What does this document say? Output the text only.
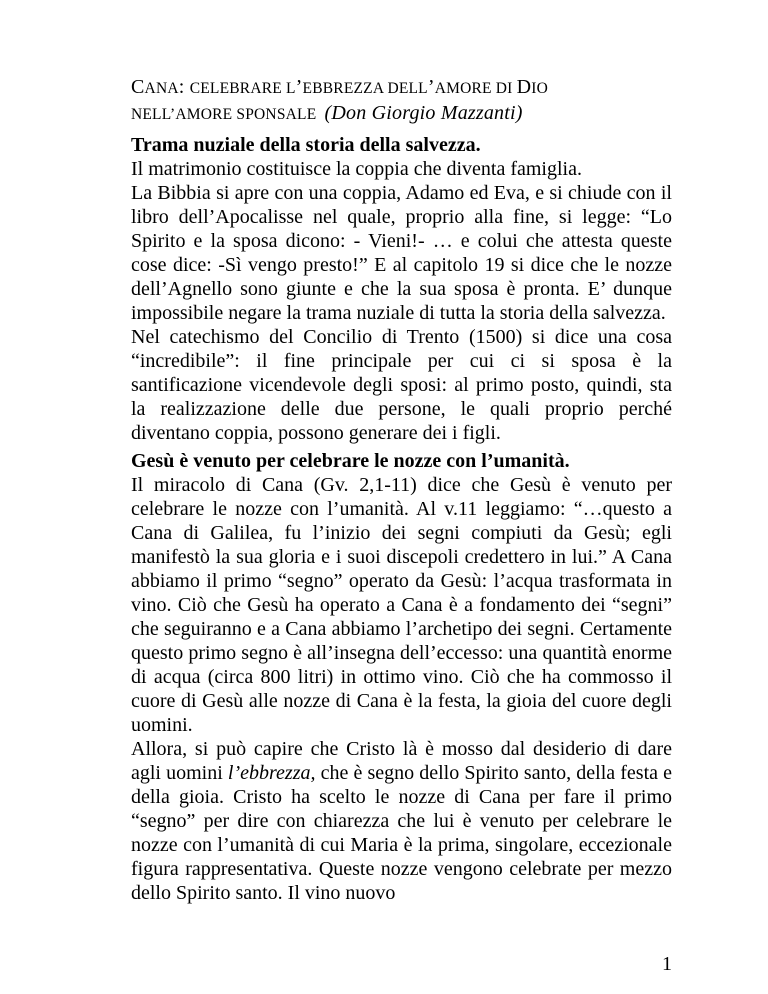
CANA: CELEBRARE L’EBBREZZA DELL’AMORE DI DIO
NELL’AMORE SPONSALE (Don Giorgio Mazzanti)
Trama nuziale della storia della salvezza.

Il matrimonio costituisce la coppia che diventa famiglia.

La Bibbia si apre con una coppia, Adamo ed Eva, e si chiude con il libro dell’Apocalisse nel quale, proprio alla fine, si legge: “Lo Spirito e la sposa dicono: - Vieni!- … e colui che attesta queste cose dice: -Sì vengo presto!” E al capitolo 19 si dice che le nozze dell’Agnello sono giunte e che la sua sposa è pronta. E’ dunque impossibile negare la trama nuziale di tutta la storia della salvezza.

Nel catechismo del Concilio di Trento (1500) si dice una cosa “incredibile”: il fine principale per cui ci si sposa è la santificazione vicendevole degli sposi: al primo posto, quindi, sta la realizzazione delle due persone, le quali proprio perché diventano coppia, possono generare dei i figli.

Gesù è venuto per celebrare le nozze con l’umanità.

Il miracolo di Cana (Gv. 2,1-11) dice che Gesù è venuto per celebrare le nozze con l’umanità. Al v.11 leggiamo: “…questo a Cana di Galilea, fu l’inizio dei segni compiuti da Gesù; egli manifestò la sua gloria e i suoi discepoli credettero in lui.” A Cana abbiamo il primo “segno” operato da Gesù: l’acqua trasformata in vino. Ciò che Gesù ha operato a Cana è a fondamento dei “segni” che seguiranno e a Cana abbiamo l’archetipo dei segni. Certamente questo primo segno è all’insegna dell’eccesso: una quantità enorme di acqua (circa 800 litri) in ottimo vino. Ciò che ha commosso il cuore di Gesù alle nozze di Cana è la festa, la gioia del cuore degli uomini.

Allora, si può capire che Cristo là è mosso dal desiderio di dare agli uomini l’ebbrezza, che è segno dello Spirito santo, della festa e della gioia. Cristo ha scelto le nozze di Cana per fare il primo “segno” per dire con chiarezza che lui è venuto per celebrare le nozze con l’umanità di cui Maria è la prima, singolare, eccezionale figura rappresentativa. Queste nozze vengono celebrate per mezzo dello Spirito santo. Il vino nuovo

1
